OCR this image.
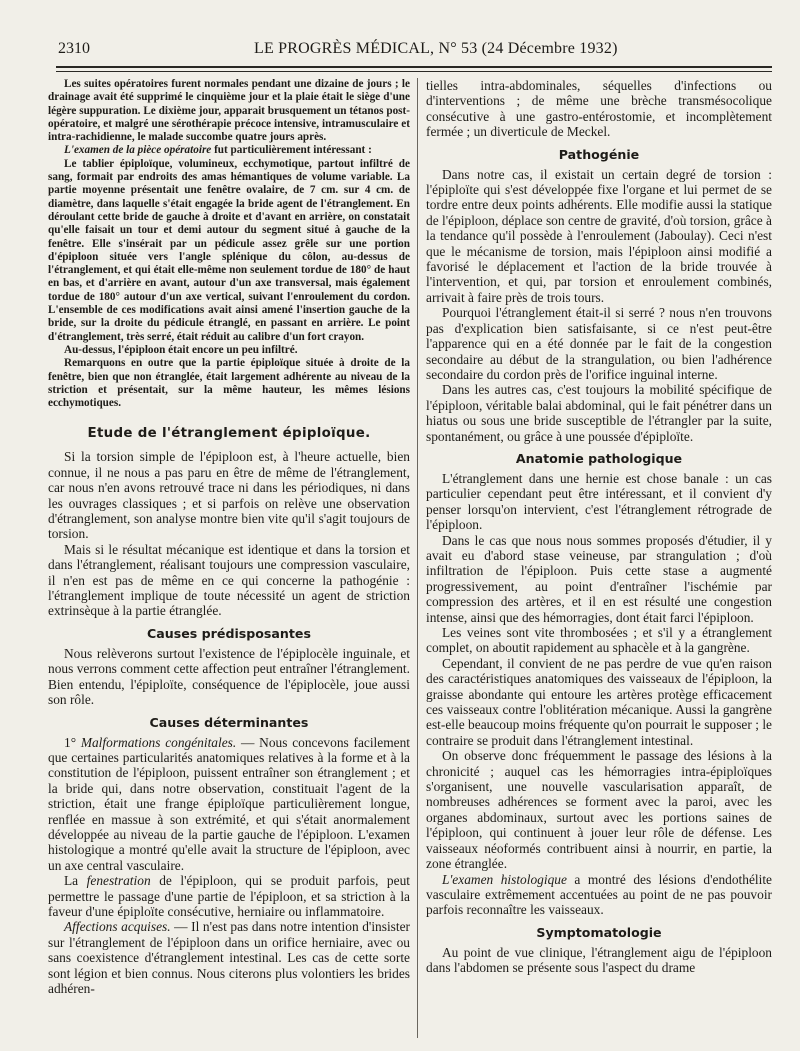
2310	LE PROGRÈS MÉDICAL, N° 53 (24 Décembre 1932)

Les suites opératoires furent normales pendant une dizaine de jours ; le drainage avait été supprimé le cinquième jour et la plaie était le siège d'une légère suppuration. Le dixième jour, apparait brusquement un tétanos post-opératoire, et malgré une sérothérapie précoce intensive, intramusculaire et intra-rachidienne, le malade succombe quatre jours après.

L'examen de la pièce opératoire fut particulièrement intéressant :

Le tablier épiploïque, volumineux, ecchymotique, partout infiltré de sang, formait par endroits des amas hémantiques de volume variable. La partie moyenne présentait une fenêtre ovalaire, de 7 cm. sur 4 cm. de diamètre, dans laquelle s'était engagée la bride agent de l'étranglement. En déroulant cette bride de gauche à droite et d'avant en arrière, on constatait qu'elle faisait un tour et demi autour du segment situé à gauche de la fenêtre. Elle s'insérait par un pédicule assez grêle sur une portion d'épiploon située vers l'angle splénique du côlon, au-dessus de l'étranglement, et qui était elle-même non seulement tordue de 180° de haut en bas, et d'arrière en avant, autour d'un axe transversal, mais également tordue de 180° autour d'un axe vertical, suivant l'enroulement du cordon. L'ensemble de ces modifications avait ainsi amené l'insertion gauche de la bride, sur la droite du pédicule étranglé, en passant en arrière. Le point d'étranglement, très serré, était réduit au calibre d'un fort crayon.

Au-dessus, l'épiploon était encore un peu infiltré.

Remarquons en outre que la partie épiploïque située à droite de la fenêtre, bien que non étranglée, était largement adhérente au niveau de la striction et présentait, sur la même hauteur, les mêmes lésions ecchymotiques.

Etude de l'étranglement épiploïque.

Si la torsion simple de l'épiploon est, à l'heure actuelle, bien connue, il ne nous a pas paru en être de même de l'étranglement, car nous n'en avons retrouvé trace ni dans les périodiques, ni dans les ouvrages classiques ; et si parfois on relève une observation d'étranglement, son analyse montre bien vite qu'il s'agit toujours de torsion.

Mais si le résultat mécanique est identique et dans la torsion et dans l'étranglement, réalisant toujours une compression vasculaire, il n'en est pas de même en ce qui concerne la pathogénie : l'étranglement implique de toute nécessité un agent de striction extrinsèque à la partie étranglée.

Causes prédisposantes

Nous relèverons surtout l'existence de l'épiplocèle inguinale, et nous verrons comment cette affection peut entraîner l'étranglement. Bien entendu, l'épiploïte, conséquence de l'épiplocèle, joue aussi son rôle.

Causes déterminantes

1° Malformations congénitales. — Nous concevons facilement que certaines particularités anatomiques relatives à la forme et à la constitution de l'épiploon, puissent entraîner son étranglement ; et la bride qui, dans notre observation, constituait l'agent de la striction, était une frange épiploïque particulièrement longue, renflée en massue à son extrémité, et qui s'était anormalement développée au niveau de la partie gauche de l'épiploon. L'examen histologique a montré qu'elle avait la structure de l'épiploon, avec un axe central vasculaire.

La fenestration de l'épiploon, qui se produit parfois, peut permettre le passage d'une partie de l'épiploon, et sa striction à la faveur d'une épiploïte consécutive, herniaire ou inflammatoire.

Affections acquises. — Il n'est pas dans notre intention d'insister sur l'étranglement de l'épiploon dans un orifice herniaire, avec ou sans coexistence d'étranglement intestinal. Les cas de cette sorte sont légion et bien connus. Nous citerons plus volontiers les brides adhéren-

tielles intra-abdominales, séquelles d'infections ou d'interventions ; de même une brèche transmésocolique consécutive à une gastro-entérostomie, et incomplètement fermée ; un diverticule de Meckel.

Pathogénie

Dans notre cas, il existait un certain degré de torsion : l'épiploïte qui s'est développée fixe l'organe et lui permet de se tordre entre deux points adhérents. Elle modifie aussi la statique de l'épiploon, déplace son centre de gravité, d'où torsion, grâce à la tendance qu'il possède à l'enroulement (Jaboulay). Ceci n'est que le mécanisme de torsion, mais l'épiploon ainsi modifié a favorisé le déplacement et l'action de la bride trouvée à l'intervention, et qui, par torsion et enroulement combinés, arrivait à faire près de trois tours.

Pourquoi l'étranglement était-il si serré ? nous n'en trouvons pas d'explication bien satisfaisante, si ce n'est peut-être l'apparence qui en a été donnée par le fait de la congestion secondaire au début de la strangulation, ou bien l'adhérence secondaire du cordon près de l'orifice inguinal interne.

Dans les autres cas, c'est toujours la mobilité spécifique de l'épiploon, véritable balai abdominal, qui le fait pénétrer dans un hiatus ou sous une bride susceptible de l'étrangler par la suite, spontanément, ou grâce à une poussée d'épiploïte.

Anatomie pathologique

L'étranglement dans une hernie est chose banale : un cas particulier cependant peut être intéressant, et il convient d'y penser lorsqu'on intervient, c'est l'étranglement rétrograde de l'épiploon.

Dans le cas que nous nous sommes proposés d'étudier, il y avait eu d'abord stase veineuse, par strangulation ; d'où infiltration de l'épiploon. Puis cette stase a augmenté progressivement, au point d'entraîner l'ischémie par compression des artères, et il en est résulté une congestion intense, ainsi que des hémorragies, dont était farci l'épiploon.

Les veines sont vite thrombosées ; et s'il y a étranglement complet, on aboutit rapidement au sphacèle et à la gangrène.

Cependant, il convient de ne pas perdre de vue qu'en raison des caractéristiques anatomiques des vaisseaux de l'épiploon, la graisse abondante qui entoure les artères protège efficacement ces vaisseaux contre l'oblitération mécanique. Aussi la gangrène est-elle beaucoup moins fréquente qu'on pourrait le supposer ; le contraire se produit dans l'étranglement intestinal.

On observe donc fréquemment le passage des lésions à la chronicité ; auquel cas les hémorragies intra-épiploïques s'organisent, une nouvelle vascularisation apparaît, de nombreuses adhérences se forment avec la paroi, avec les organes abdominaux, surtout avec les portions saines de l'épiploon, qui continuent à jouer leur rôle de défense. Les vaisseaux néoformés contribuent ainsi à nourrir, en partie, la zone étranglée.

L'examen histologique a montré des lésions d'endothélite vasculaire extrêmement accentuées au point de ne pas pouvoir parfois reconnaître les vaisseaux.

Symptomatologie

Au point de vue clinique, l'étranglement aigu de l'épiploon dans l'abdomen se présente sous l'aspect du drame
